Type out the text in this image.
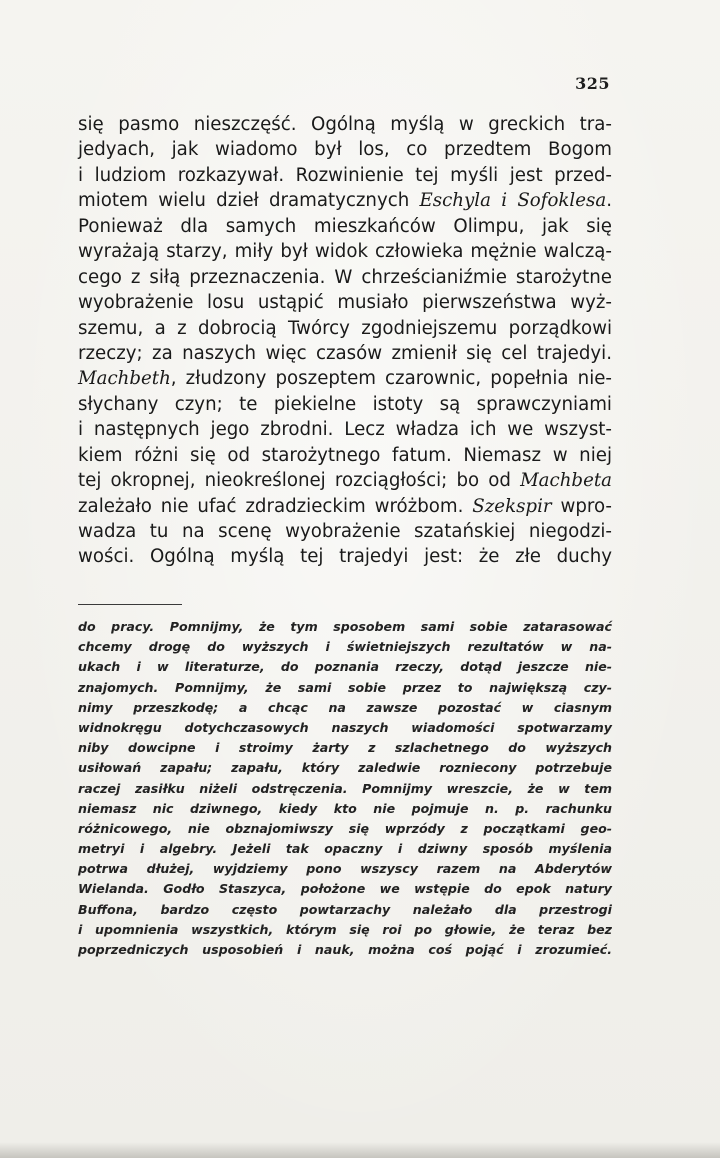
325
się pasmo nieszczęść. Ogólną myślą w greckich tra-
jedyach, jak wiadomo był los, co przedtem Bogom
i ludziom rozkazywał. Rozwinienie tej myśli jest przed-
miotem wielu dzieł dramatycznych Eschyla i Sofoklesa.
Ponieważ dla samych mieszkańców Olimpu, jak się
wyrażają starzy, miły był widok człowieka mężnie walczą-
cego z siłą przeznaczenia. W chrześcianiźmie starożytne
wyobrażenie losu ustąpić musiało pierwszeństwa wyż-
szemu, a z dobrocią Twórcy zgodniejszemu porządkowi
rzeczy; za naszych więc czasów zmienił się cel trajedyi.
Machbeth, złudzony poszeptem czarownic, popełnia nie-
słychany czyn; te piekielne istoty są sprawczyniami
i następnych jego zbrodni. Lecz władza ich we wszyst-
kiem różni się od starożytnego fatum. Niemasz w niej
tej okropnej, nieokreślonej rozciągłości; bo od Machbeta
zależało nie ufać zdradzieckim wróżbom. Szekspir wpro-
wadza tu na scenę wyobrażenie szatańskiej niegodzi-
wości. Ogólną myślą tej trajedyi jest: że złe duchy
do pracy. Pomnijmy, że tym sposobem sami sobie zatarasować
chcemy drogę do wyższych i świetniejszych rezultatów w na-
ukach i w literaturze, do poznania rzeczy, dotąd jeszcze nie-
znajomych. Pomnijmy, że sami sobie przez to największą czy-
nimy przeszkodę; a chcąc na zawsze pozostać w ciasnym
widnokręgu dotychczasowych naszych wiadomości spotwarzamy
niby dowcipne i stroimy żarty z szlachetnego do wyższych
usiłowań zapału; zapału, który zaledwie rozniecony potrzebuje
raczej zasiłku niżeli odstręczenia. Pomnijmy wreszcie, że w tem
niemasz nic dziwnego, kiedy kto nie pojmuje n. p. rachunku
różnicowego, nie obznajomiwszy się wprzódy z początkami geo-
metryi i algebry. Jeżeli tak opaczny i dziwny sposób myślenia
potrwa dłużej, wyjdziemy pono wszyscy razem na Abderytów
Wielanda. Godło Staszyca, położone we wstępie do epok natury
Buffona, bardzo często powtarzachy należało dla przestrogi
i upomnienia wszystkich, którym się roi po głowie, że teraz bez
poprzedniczych usposobień i nauk, można coś pojąć i zrozumieć.
